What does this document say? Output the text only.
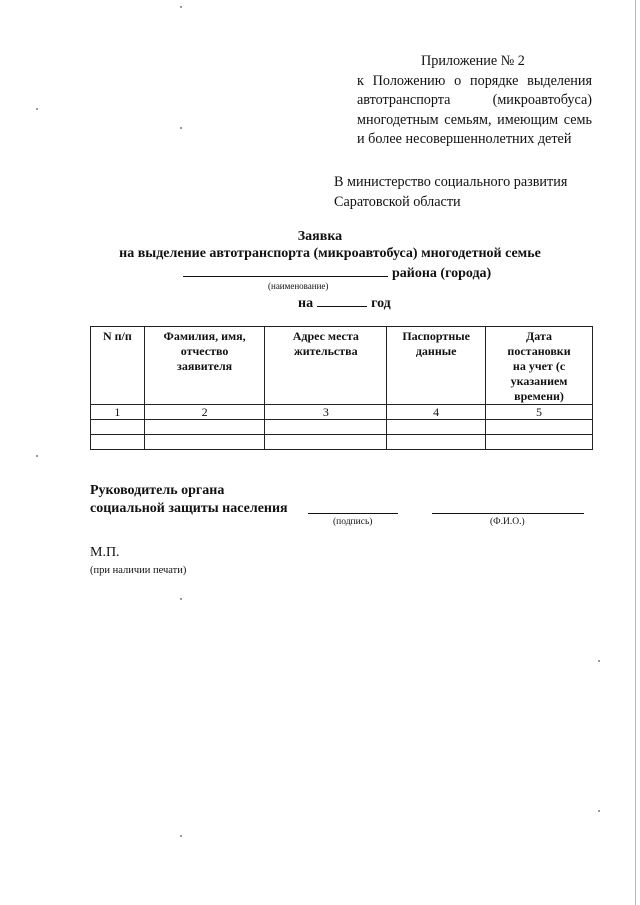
Приложение № 2
к Положению о порядке выделения
автотранспорта (микроавтобуса)
многодетным семьям, имеющим семь
и более несовершеннолетних детей
В министерство социального развития
Саратовской области
Заявка
на выделение автотранспорта (микроавтобуса) многодетной семье
района (города)
(наименование)
на	год
N п/п	Фамилия, имя, отчество заявителя	Адрес места жительства	Паспортные данные	Дата постановки на учет (с указанием времени)
1	2	3	4	5

Руководитель органа
социальной защиты населения
(подпись)	(Ф.И.О.)
М.П.
(при наличии печати)
